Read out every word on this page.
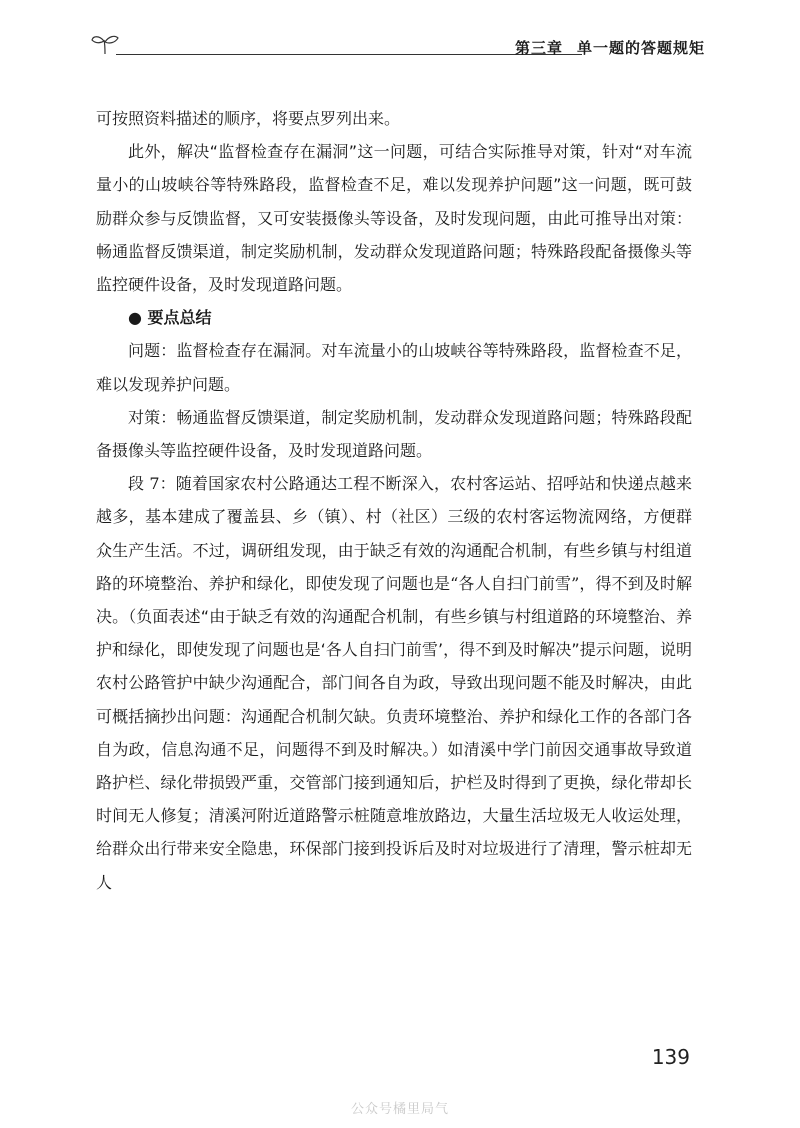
第三章 单一题的答题规矩

可按照资料描述的顺序，将要点罗列出来。

此外，解决“监督检查存在漏洞”这一问题，可结合实际推导对策，针对“对车流量小的山坡峡谷等特殊路段，监督检查不足，难以发现养护问题”这一问题，既可鼓励群众参与反馈监督，又可安装摄像头等设备，及时发现问题，由此可推导出对策：畅通监督反馈渠道，制定奖励机制，发动群众发现道路问题；特殊路段配备摄像头等监控硬件设备，及时发现道路问题。

● 要点总结

问题：监督检查存在漏洞。对车流量小的山坡峡谷等特殊路段，监督检查不足，难以发现养护问题。

对策：畅通监督反馈渠道，制定奖励机制，发动群众发现道路问题；特殊路段配备摄像头等监控硬件设备，及时发现道路问题。

段 7：随着国家农村公路通达工程不断深入，农村客运站、招呼站和快递点越来越多，基本建成了覆盖县、乡（镇）、村（社区）三级的农村客运物流网络，方便群众生产生活。不过，调研组发现，由于缺乏有效的沟通配合机制，有些乡镇与村组道路的环境整治、养护和绿化，即使发现了问题也是“各人自扫门前雪”，得不到及时解决。（负面表述“由于缺乏有效的沟通配合机制，有些乡镇与村组道路的环境整治、养护和绿化，即使发现了问题也是‘各人自扫门前雪’，得不到及时解决”提示问题，说明农村公路管护中缺少沟通配合，部门间各自为政，导致出现问题不能及时解决，由此可概括摘抄出问题：沟通配合机制欠缺。负责环境整治、养护和绿化工作的各部门各自为政，信息沟通不足，问题得不到及时解决。）如清溪中学门前因交通事故导致道路护栏、绿化带损毁严重，交管部门接到通知后，护栏及时得到了更换，绿化带却长时间无人修复；清溪河附近道路警示桩随意堆放路边，大量生活垃圾无人收运处理，给群众出行带来安全隐患，环保部门接到投诉后及时对垃圾进行了清理，警示桩却无人

139
公众号橘里局气
